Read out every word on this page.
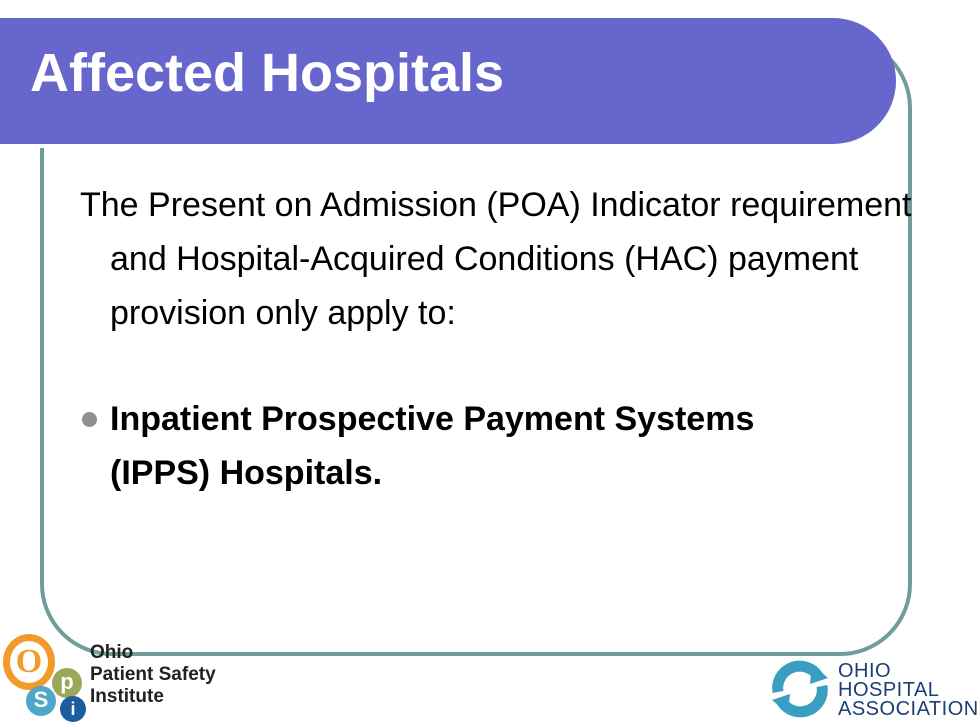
Affected Hospitals

The Present on Admission (POA) Indicator requirement and Hospital-Acquired Conditions (HAC) payment provision only apply to:

Inpatient Prospective Payment Systems (IPPS) Hospitals.

O
p
S	i

Ohio
Patient Safety
Institute

OHIO
HOSPITAL
ASSOCIATION
